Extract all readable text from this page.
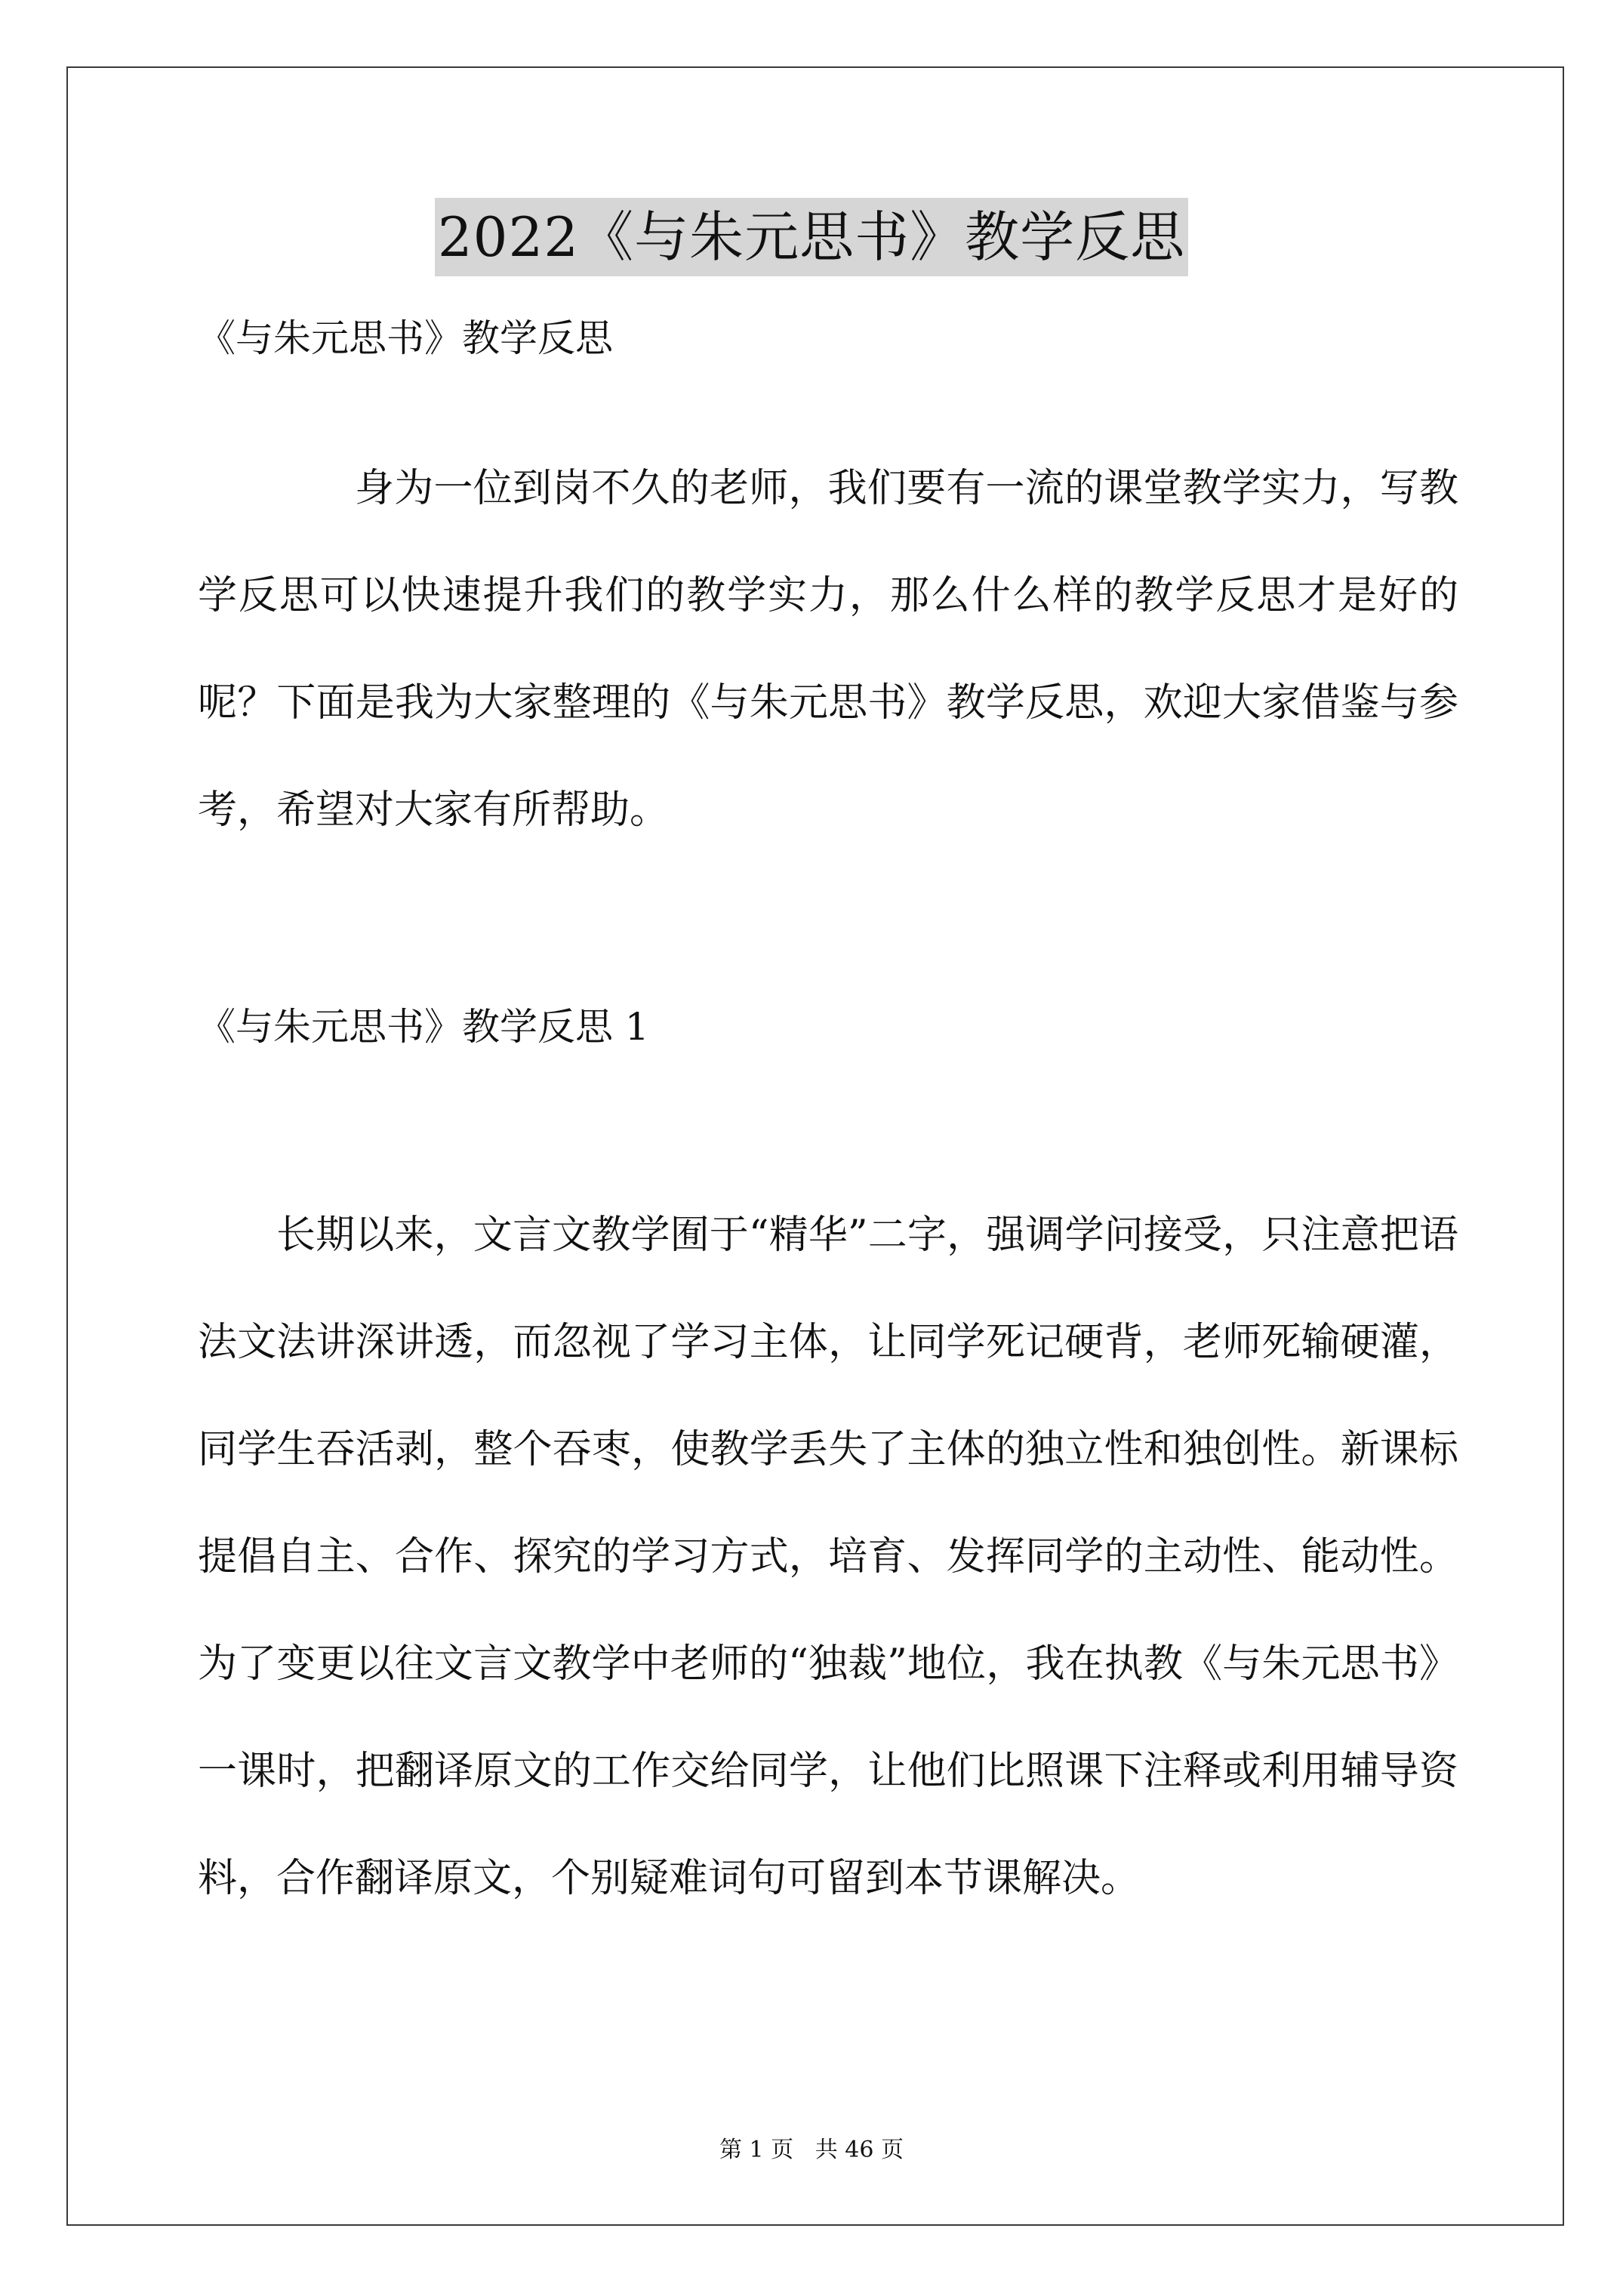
2022《与朱元思书》教学反思
《与朱元思书》教学反思

身为一位到岗不久的老师，我们要有一流的课堂教学实力，写教学反思可以快速提升我们的教学实力，那么什么样的教学反思才是好的呢？下面是我为大家整理的《与朱元思书》教学反思，欢迎大家借鉴与参考，希望对大家有所帮助。

《与朱元思书》教学反思 1

长期以来，文言文教学囿于“精华”二字，强调学问接受，只注意把语法文法讲深讲透，而忽视了学习主体，让同学死记硬背，老师死输硬灌，同学生吞活剥，整个吞枣，使教学丢失了主体的独立性和独创性。新课标提倡自主、合作、探究的学习方式，培育、发挥同学的主动性、能动性。为了变更以往文言文教学中老师的“独裁”地位，我在执教《与朱元思书》一课时，把翻译原文的工作交给同学，让他们比照课下注释或利用辅导资料，合作翻译原文，个别疑难词句可留到本节课解决。

第 1 页   共 46 页
